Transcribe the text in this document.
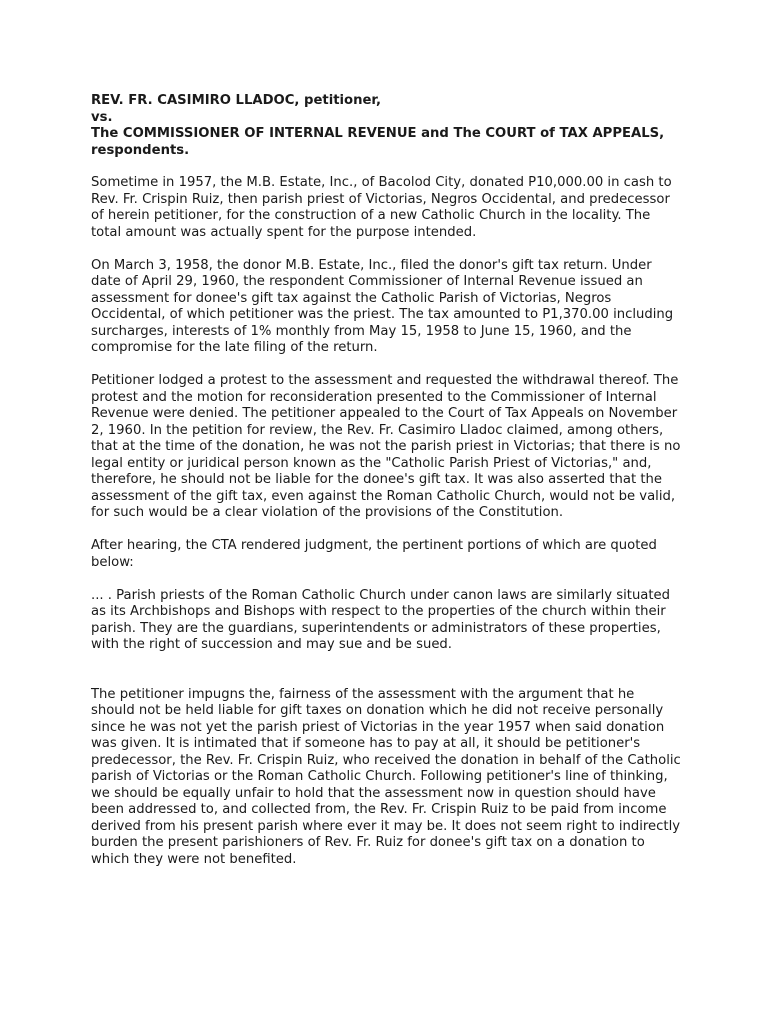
REV. FR. CASIMIRO LLADOC, petitioner,
vs.
The COMMISSIONER OF INTERNAL REVENUE and The COURT of TAX APPEALS,
respondents.

Sometime in 1957, the M.B. Estate, Inc., of Bacolod City, donated P10,000.00 in cash to Rev. Fr. Crispin Ruiz, then parish priest of Victorias, Negros Occidental, and predecessor of herein petitioner, for the construction of a new Catholic Church in the locality. The total amount was actually spent for the purpose intended.

On March 3, 1958, the donor M.B. Estate, Inc., filed the donor's gift tax return. Under date of April 29, 1960, the respondent Commissioner of Internal Revenue issued an assessment for donee's gift tax against the Catholic Parish of Victorias, Negros Occidental, of which petitioner was the priest. The tax amounted to P1,370.00 including surcharges, interests of 1% monthly from May 15, 1958 to June 15, 1960, and the compromise for the late filing of the return.

Petitioner lodged a protest to the assessment and requested the withdrawal thereof. The protest and the motion for reconsideration presented to the Commissioner of Internal Revenue were denied. The petitioner appealed to the Court of Tax Appeals on November 2, 1960. In the petition for review, the Rev. Fr. Casimiro Lladoc claimed, among others, that at the time of the donation, he was not the parish priest in Victorias; that there is no legal entity or juridical person known as the "Catholic Parish Priest of Victorias," and, therefore, he should not be liable for the donee's gift tax. It was also asserted that the assessment of the gift tax, even against the Roman Catholic Church, would not be valid, for such would be a clear violation of the provisions of the Constitution.

After hearing, the CTA rendered judgment, the pertinent portions of which are quoted below:

... . Parish priests of the Roman Catholic Church under canon laws are similarly situated as its Archbishops and Bishops with respect to the properties of the church within their parish. They are the guardians, superintendents or administrators of these properties, with the right of succession and may sue and be sued.

The petitioner impugns the, fairness of the assessment with the argument that he should not be held liable for gift taxes on donation which he did not receive personally since he was not yet the parish priest of Victorias in the year 1957 when said donation was given. It is intimated that if someone has to pay at all, it should be petitioner's predecessor, the Rev. Fr. Crispin Ruiz, who received the donation in behalf of the Catholic parish of Victorias or the Roman Catholic Church. Following petitioner's line of thinking, we should be equally unfair to hold that the assessment now in question should have been addressed to, and collected from, the Rev. Fr. Crispin Ruiz to be paid from income derived from his present parish where ever it may be. It does not seem right to indirectly burden the present parishioners of Rev. Fr. Ruiz for donee's gift tax on a donation to which they were not benefited.
